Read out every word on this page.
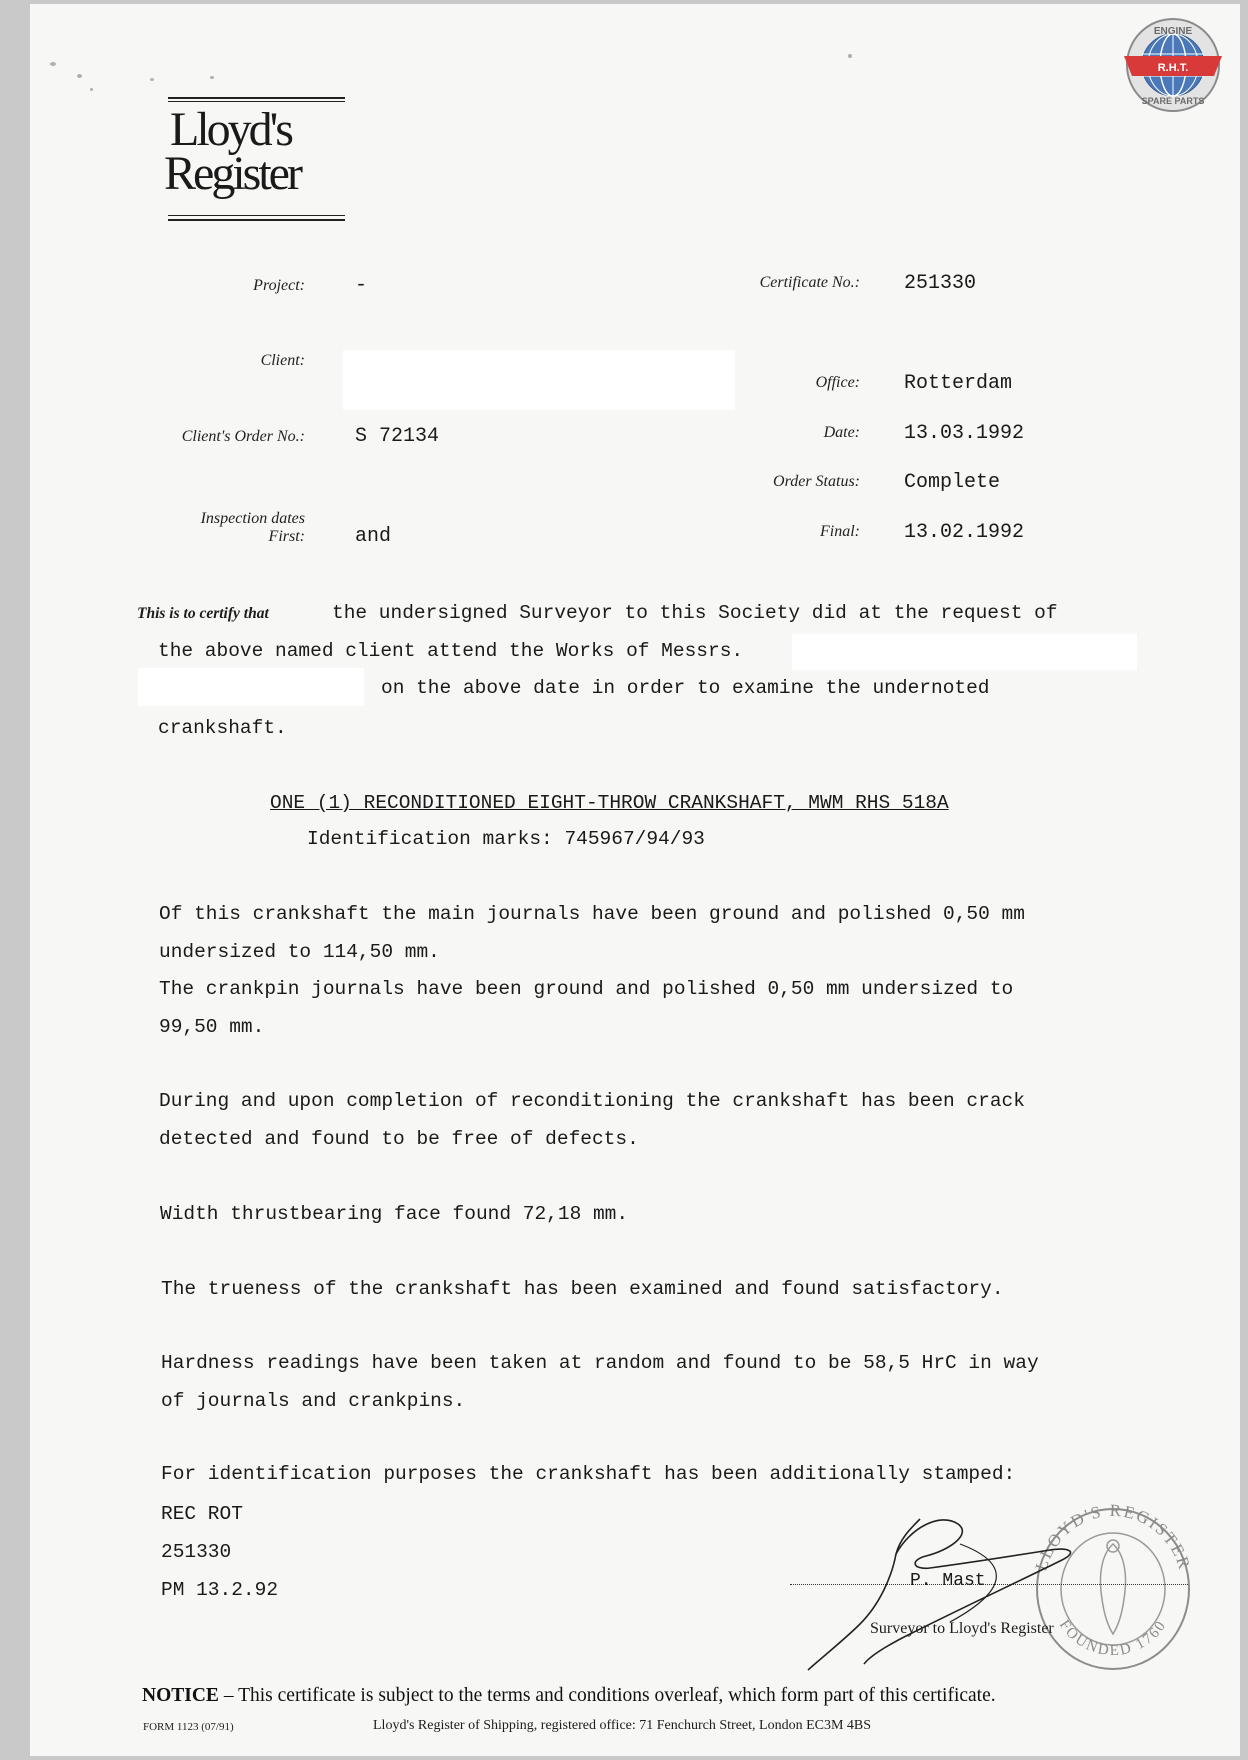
Lloyd's
Register
R.H.T.
ENGINE
SPARE PARTS
Project:	-
Client:
Client's Order No.:	S 72134
Inspection dates
First:	and
Certificate No.: 251330
Office: Rotterdam
Date: 13.03.1992
Order Status: Complete
Final: 13.02.1992
This is to certify that	the undersigned Surveyor to this Society did at the request of
the above named client attend the Works of Messrs.
on the above date in order to examine the undernoted
crankshaft.
ONE (1) RECONDITIONED EIGHT-THROW CRANKSHAFT, MWM RHS 518A
Identification marks: 745967/94/93
Of this crankshaft the main journals have been ground and polished 0,50 mm
undersized to 114,50 mm.
The crankpin journals have been ground and polished 0,50 mm undersized to
99,50 mm.
During and upon completion of reconditioning the crankshaft has been crack
detected and found to be free of defects.
Width thrustbearing face found 72,18 mm.
The trueness of the crankshaft has been examined and found satisfactory.
Hardness readings have been taken at random and found to be 58,5 HrC in way
of journals and crankpins.
For identification purposes the crankshaft has been additionally stamped:
REC ROT
251330
PM 13.2.92
LLOYD'S REGISTER
FOUNDED 1760
P. Mast
Surveyor to Lloyd's Register
NOTICE – This certificate is subject to the terms and conditions overleaf, which form part of this certificate.
FORM 1123 (07/91)	Lloyd's Register of Shipping, registered office: 71 Fenchurch Street, London EC3M 4BS
